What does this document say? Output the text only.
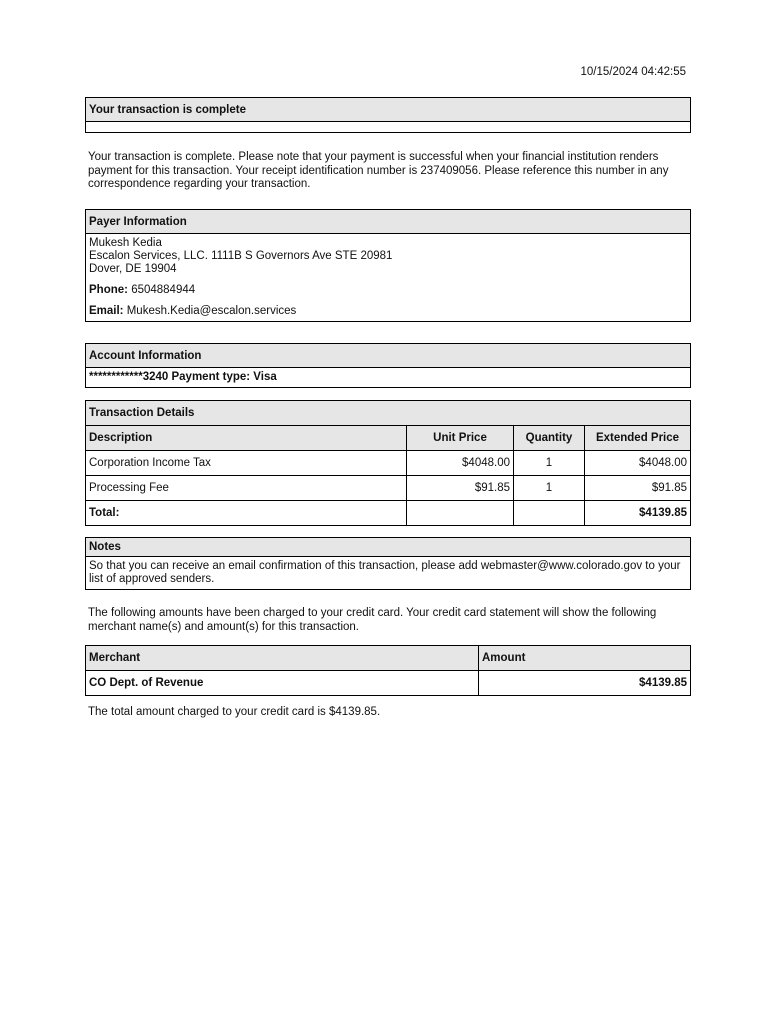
10/15/2024 04:42:55
Your transaction is complete
Your transaction is complete. Please note that your payment is successful when your financial institution renders payment for this transaction. Your receipt identification number is 237409056. Please reference this number in any correspondence regarding your transaction.
Payer Information
Mukesh Kedia
Escalon Services, LLC. 1111B S Governors Ave STE 20981
Dover, DE 19904
Phone: 6504884944
Email: Mukesh.Kedia@escalon.services
Account Information
************3240 Payment type: Visa
Transaction Details
Description	Unit Price	Quantity	Extended Price
Corporation Income Tax	$4048.00	1	$4048.00
Processing Fee	$91.85	1	$91.85
Total:			$4139.85
Notes
So that you can receive an email confirmation of this transaction, please add webmaster@www.colorado.gov to your list of approved senders.
The following amounts have been charged to your credit card. Your credit card statement will show the following merchant name(s) and amount(s) for this transaction.
Merchant	Amount
CO Dept. of Revenue	$4139.85
The total amount charged to your credit card is $4139.85.
